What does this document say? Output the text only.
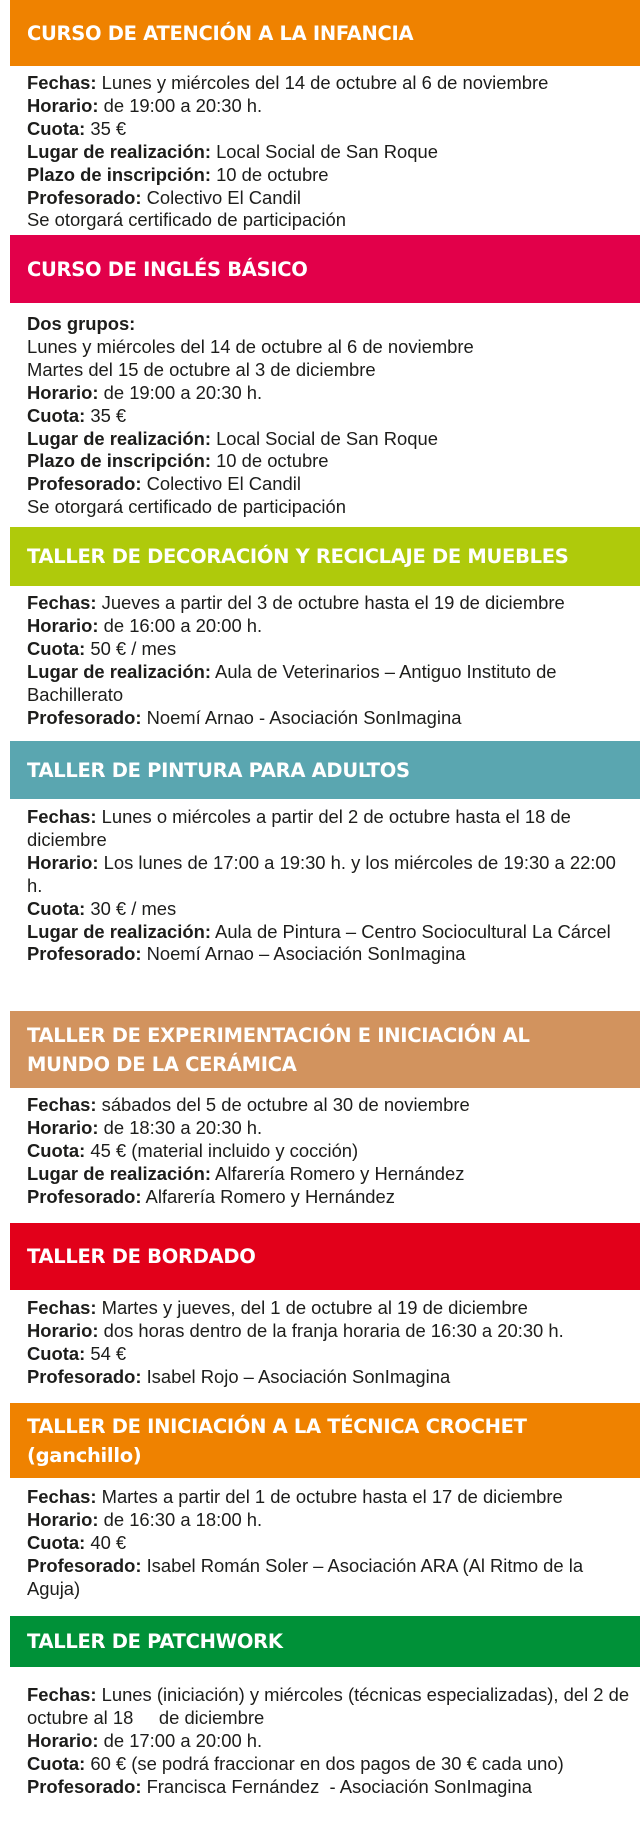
CURSO DE ATENCIÓN A LA INFANCIA
Fechas: Lunes y miércoles del 14 de octubre al 6 de noviembre
Horario: de 19:00 a 20:30 h.
Cuota: 35 €
Lugar de realización: Local Social de San Roque
Plazo de inscripción: 10 de octubre
Profesorado: Colectivo El Candil
Se otorgará certificado de participación
CURSO DE INGLÉS BÁSICO
Dos grupos:
Lunes y miércoles del 14 de octubre al 6 de noviembre
Martes del 15 de octubre al 3 de diciembre
Horario: de 19:00 a 20:30 h.
Cuota: 35 €
Lugar de realización: Local Social de San Roque
Plazo de inscripción: 10 de octubre
Profesorado: Colectivo El Candil
Se otorgará certificado de participación
TALLER DE DECORACIÓN Y RECICLAJE DE MUEBLES
Fechas: Jueves a partir del 3 de octubre hasta el 19 de diciembre
Horario: de 16:00 a 20:00 h.
Cuota: 50 € / mes
Lugar de realización: Aula de Veterinarios – Antiguo Instituto de Bachillerato
Profesorado: Noemí Arnao - Asociación SonImagina
TALLER DE PINTURA PARA ADULTOS
Fechas: Lunes o miércoles a partir del 2 de octubre hasta el 18 de diciembre
Horario: Los lunes de 17:00 a 19:30 h. y los miércoles de 19:30 a 22:00 h.
Cuota: 30 € / mes
Lugar de realización: Aula de Pintura – Centro Sociocultural La Cárcel
Profesorado: Noemí Arnao – Asociación SonImagina
TALLER DE EXPERIMENTACIÓN E INICIACIÓN AL MUNDO DE LA CERÁMICA
Fechas: sábados del 5 de octubre al 30 de noviembre
Horario: de 18:30 a 20:30 h.
Cuota: 45 € (material incluido y cocción)
Lugar de realización: Alfarería Romero y Hernández
Profesorado: Alfarería Romero y Hernández
TALLER DE BORDADO
Fechas: Martes y jueves, del 1 de octubre al 19 de diciembre
Horario: dos horas dentro de la franja horaria de 16:30 a 20:30 h.
Cuota: 54 €
Profesorado: Isabel Rojo – Asociación SonImagina
TALLER DE INICIACIÓN A LA TÉCNICA CROCHET (ganchillo)
Fechas: Martes a partir del 1 de octubre hasta el 17 de diciembre
Horario: de 16:30 a 18:00 h.
Cuota: 40 €
Profesorado: Isabel Román Soler – Asociación ARA (Al Ritmo de la Aguja)
TALLER DE PATCHWORK
Fechas: Lunes (iniciación) y miércoles (técnicas especializadas), del 2 de octubre al 18     de diciembre
Horario: de 17:00 a 20:00 h.
Cuota: 60 € (se podrá fraccionar en dos pagos de 30 € cada uno)
Profesorado: Francisca Fernández  - Asociación SonImagina
